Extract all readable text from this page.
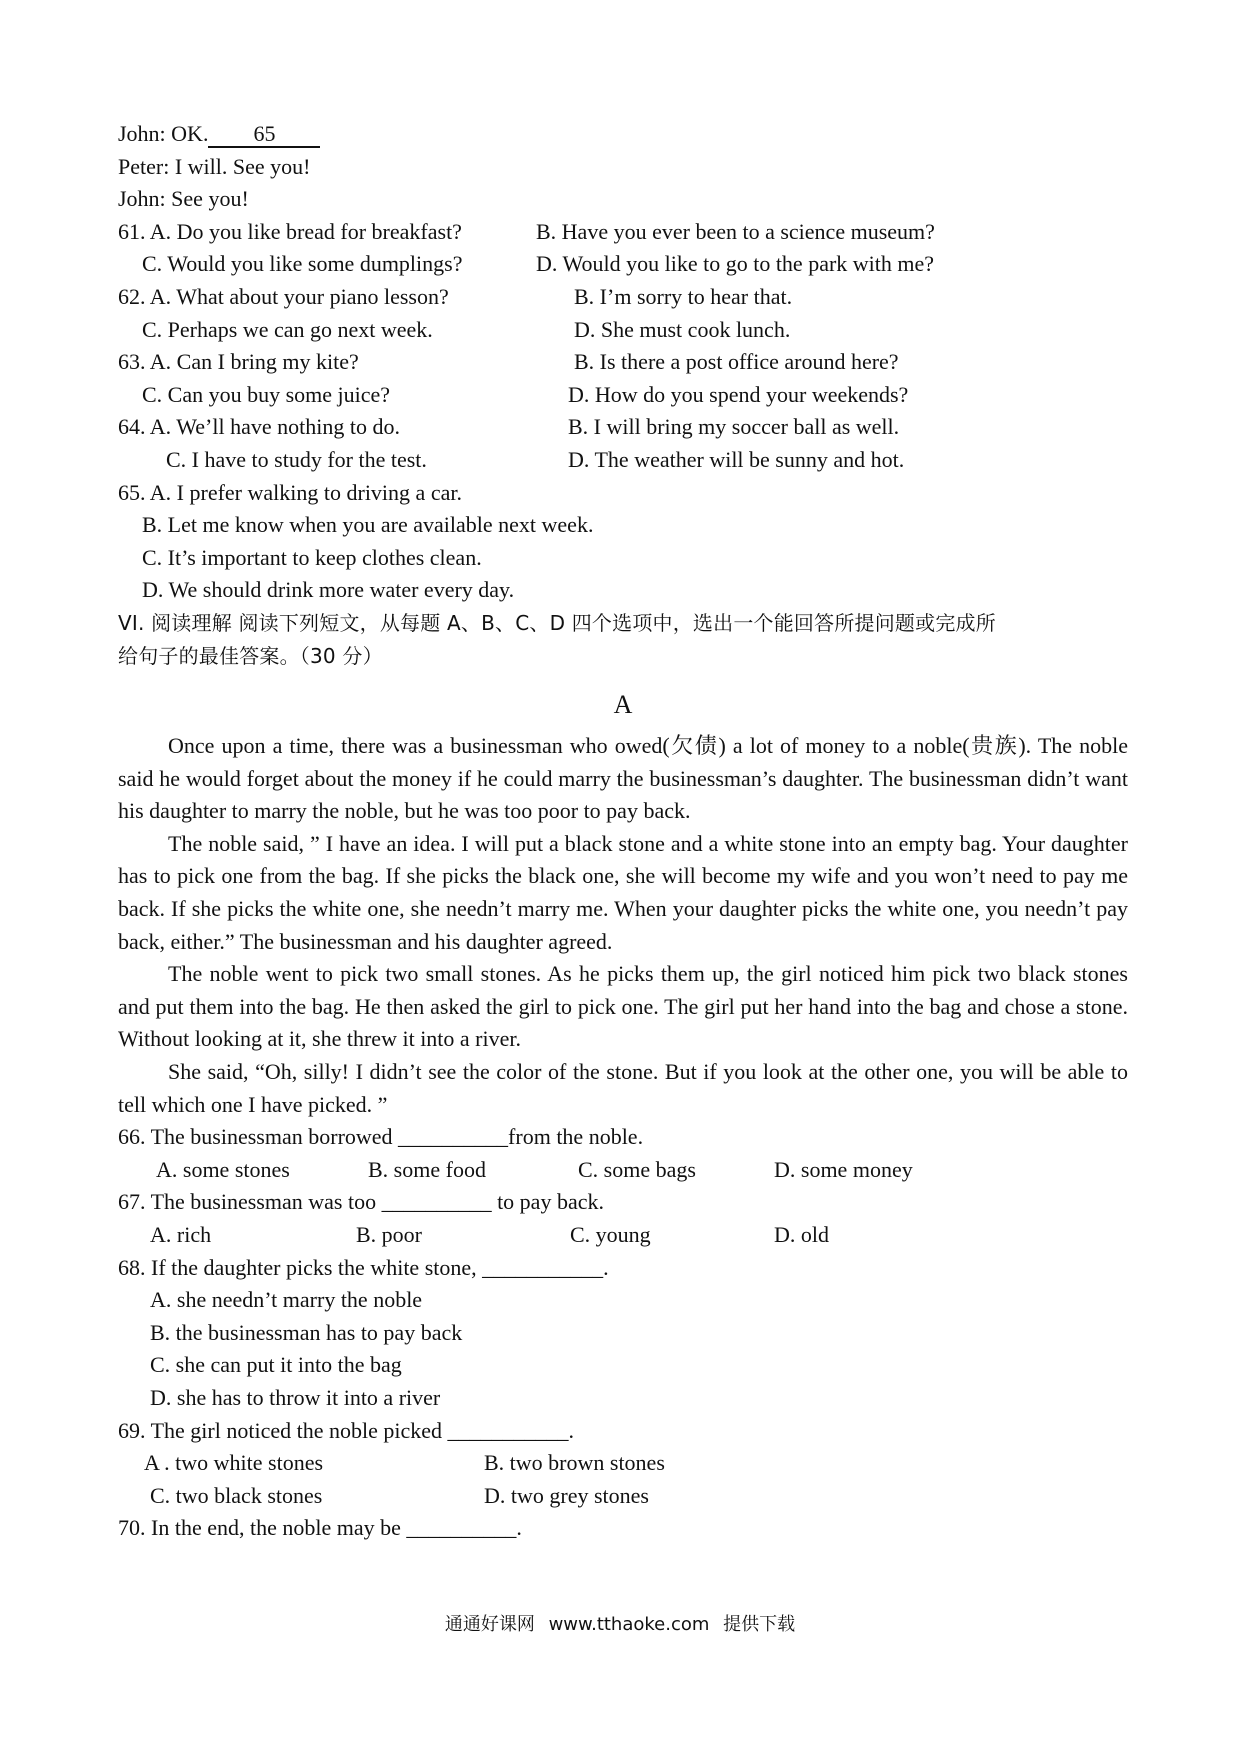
John: OK. 65

Peter: I will. See you!

John: See you!

61. A. Do you like bread for breakfast?	B. Have you ever been to a science museum?
C. Would you like some dumplings?	D. Would you like to go to the park with me?
62. A. What about your piano lesson?	B. I’m sorry to hear that.
C. Perhaps we can go next week.	D. She must cook lunch.
63. A. Can I bring my kite?	B. Is there a post office around here?
C. Can you buy some juice?	D. How do you spend your weekends?
64. A. We’ll have nothing to do.	B. I will bring my soccer ball as well.
C. I have to study for the test.	D. The weather will be sunny and hot.
65. A. I prefer walking to driving a car.
B. Let me know when you are available next week.
C. It’s important to keep clothes clean.
D. We should drink more water every day.

VI. 阅读理解 阅读下列短文，从每题 A、B、C、D 四个选项中，选出一个能回答所提问题或完成所

给句子的最佳答案。（30 分）

A

Once upon a time, there was a businessman who owed(欠债) a lot of money to a noble(贵族). The noble said he would forget about the money if he could marry the businessman’s daughter. The businessman didn’t want his daughter to marry the noble, but he was too poor to pay back.

The noble said, ” I have an idea. I will put a black stone and a white stone into an empty bag. Your daughter has to pick one from the bag. If she picks the black one, she will become my wife and you won’t need to pay me back. If she picks the white one, she needn’t marry me. When your daughter picks the white one, you needn’t pay back, either.” The businessman and his daughter agreed.

The noble went to pick two small stones. As he picks them up, the girl noticed him pick two black stones and put them into the bag. He then asked the girl to pick one. The girl put her hand into the bag and chose a stone. Without looking at it, she threw it into a river.

She said, “Oh, silly! I didn’t see the color of the stone. But if you look at the other one, you will be able to tell which one I have picked. ”

66. The businessman borrowed __________from the noble.

A. some stones	B. some food	C. some bags	D. some money

67. The businessman was too __________ to pay back.

A. rich	B. poor	C. young	D. old

68. If the daughter picks the white stone, ___________.

A. she needn’t marry the noble
B. the businessman has to pay back
C. she can put it into the bag
D. she has to throw it into a river

69. The girl noticed the noble picked ___________.

A . two white stones	B. two brown stones
C. two black stones	D. two grey stones

70. In the end, the noble may be __________.

通通好课网 www.tthaoke.com 提供下载
